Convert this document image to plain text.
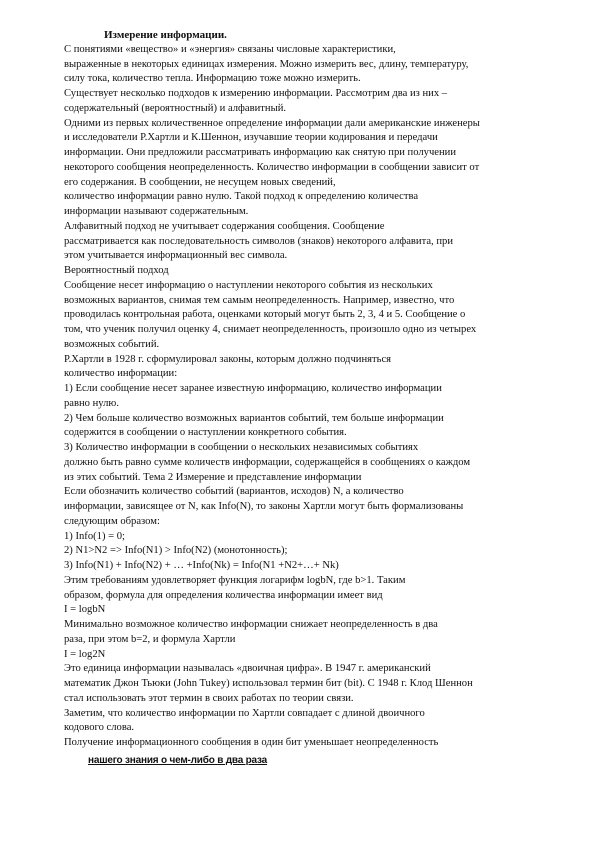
Измерение информации.
С понятиями «вещество» и «энергия» связаны числовые характеристики,
выраженные в некоторых единицах измерения. Можно измерить вес, длину, температуру,
силу тока, количество тепла. Информацию тоже можно измерить.
Существует несколько подходов к измерению информации. Рассмотрим два из них –
содержательный (вероятностный) и алфавитный.
Одними из первых количественное определение информации дали американские инженеры
и исследователи Р.Хартли и К.Шеннон, изучавшие теории кодирования и передачи
информации. Они предложили рассматривать информацию как снятую при получении
некоторого сообщения неопределенность. Количество информации в сообщении зависит от
его содержания. В сообщении, не несущем новых сведений,
количество информации равно нулю. Такой подход к определению количества
информации называют содержательным.
Алфавитный подход не учитывает содержания сообщения. Сообщение
рассматривается как последовательность символов (знаков) некоторого алфавита, при
этом учитывается информационный вес символа.
Вероятностный подход
Сообщение несет информацию о наступлении некоторого события из нескольких
возможных вариантов, снимая тем самым неопределенность. Например, известно, что
проводилась контрольная работа, оценками который могут быть 2, 3, 4 и 5. Сообщение о
том, что ученик получил оценку 4, снимает неопределенность, произошло одно из четырех
возможных событий.
Р.Хартли в 1928 г. сформулировал законы, которым должно подчиняться
количество информации:
1) Если сообщение несет заранее известную информацию, количество информации
равно нулю.
2) Чем больше количество возможных вариантов событий, тем больше информации
содержится в сообщении о наступлении конкретного события.
3) Количество информации в сообщении о нескольких независимых событиях
должно быть равно сумме количеств информации, содержащейся в сообщениях о каждом
из этих событий. Тема 2 Измерение и представление информации
Если обозначить количество событий (вариантов, исходов) N, а количество
информации, зависящее от N, как Info(N), то законы Хартли могут быть формализованы
следующим образом:
1) Info(1) = 0;
2) N1>N2 => Info(N1) > Info(N2) (монотонность);
3) Info(N1) + Info(N2) + … +Info(Nk) = Info(N1 +N2+…+ Nk)
Этим требованиям удовлетворяет функция логарифм logbN, где b>1. Таким
образом, формула для определения количества информации имеет вид
I = logbN
Минимально возможное количество информации снижает неопределенность в два
раза, при этом b=2, и формула Хартли
I = log2N
Это единица информации называлась «двоичная цифра». В 1947 г. американский
математик Джон Тьюки (John Tukey) использовал термин бит (bit). С 1948 г. Клод Шеннон
стал использовать этот термин в своих работах по теории связи.
Заметим, что количество информации по Хартли совпадает с длиной двоичного
кодового слова.
Получение информационного сообщения в один бит уменьшает неопределенность
нашего знания о чем-либо в два раза
